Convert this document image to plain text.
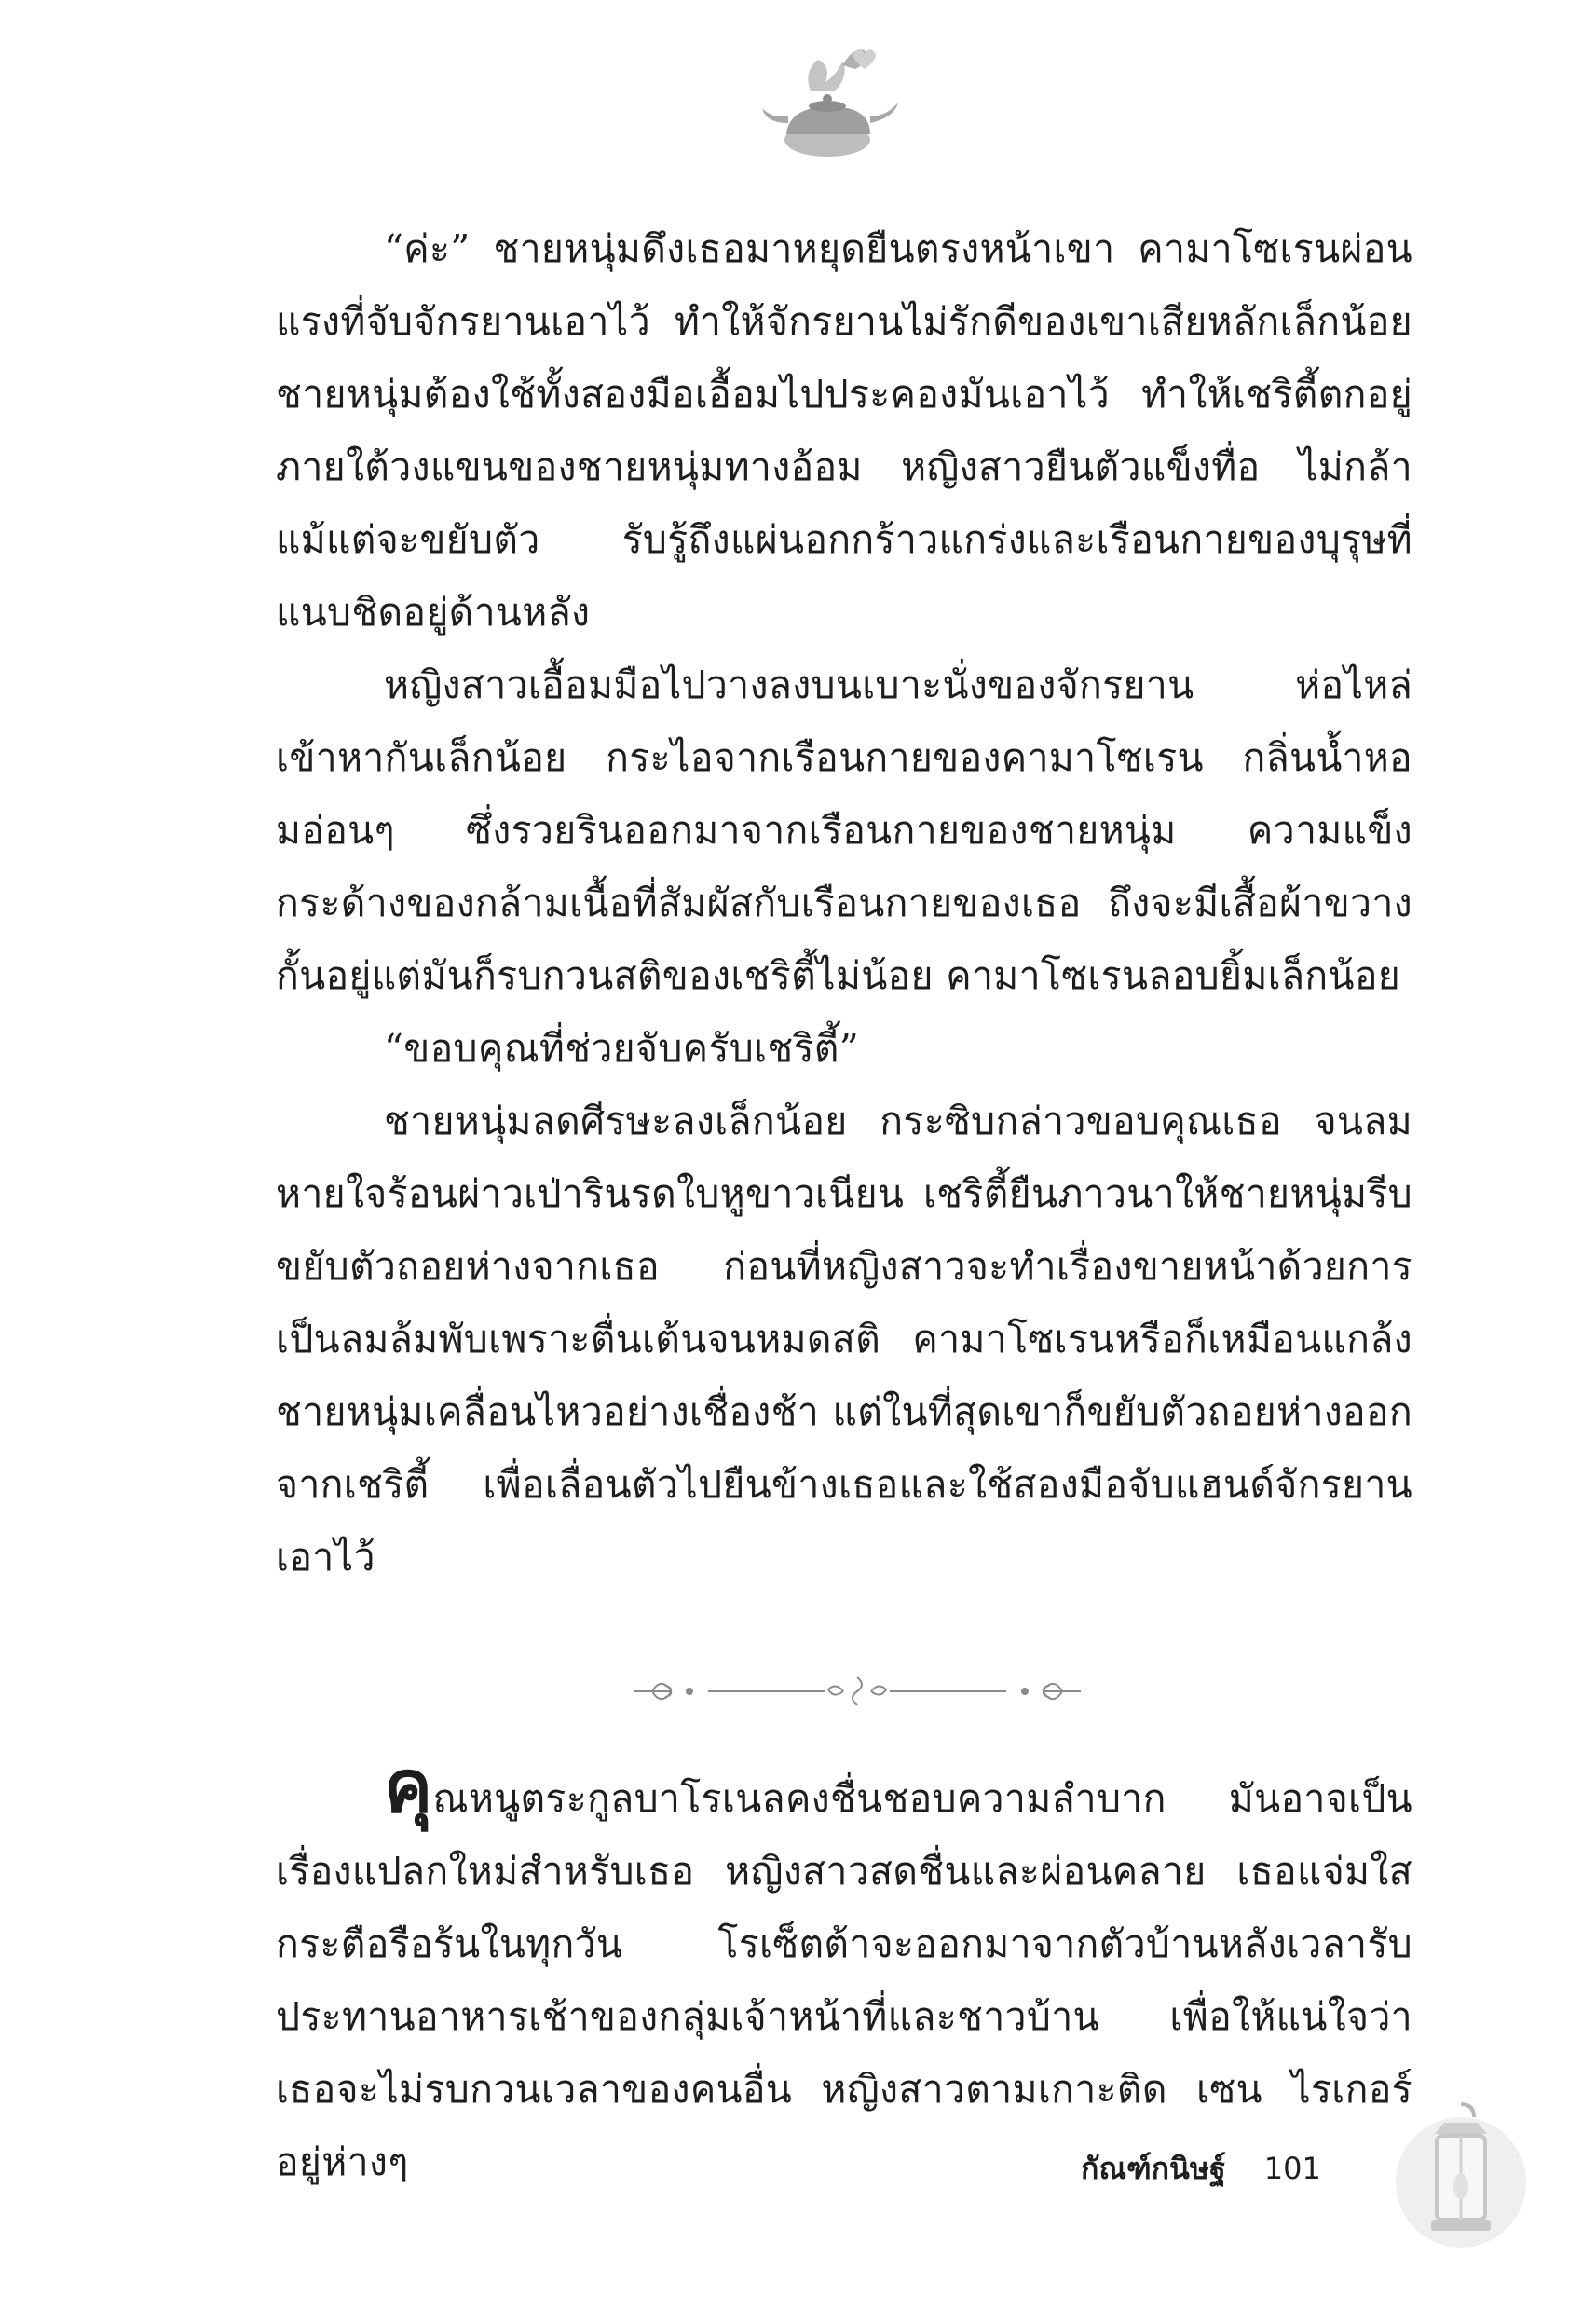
“ค่ะ” ชายหนุ่มดึงเธอมาหยุดยืนตรงหน้าเขา คามาโซเรนผ่อนแรงที่จับจักรยานเอาไว้ ทำให้จักรยานไม่รักดีของเขาเสียหลักเล็กน้อย ชายหนุ่มต้องใช้ทั้งสองมือเอื้อมไปประคองมันเอาไว้ ทำให้เชริตี้ตกอยู่ภายใต้วงแขนของชายหนุ่มทางอ้อม หญิงสาวยืนตัวแข็งทื่อ ไม่กล้าแม้แต่จะขยับตัว รับรู้ถึงแผ่นอกกร้าวแกร่งและเรือนกายของบุรุษที่แนบชิดอยู่ด้านหลัง

หญิงสาวเอื้อมมือไปวางลงบนเบาะนั่งของจักรยาน ห่อไหล่เข้าหากันเล็กน้อย กระไอจากเรือนกายของคามาโซเรน กลิ่นน้ำหอมอ่อนๆ ซึ่งรวยรินออกมาจากเรือนกายของชายหนุ่ม ความแข็งกระด้างของกล้ามเนื้อที่สัมผัสกับเรือนกายของเธอ ถึงจะมีเสื้อผ้าขวางกั้นอยู่แต่มันก็รบกวนสติของเชริตี้ไม่น้อย คามาโซเรนลอบยิ้มเล็กน้อย

“ขอบคุณที่ช่วยจับครับเชริตี้”

ชายหนุ่มลดศีรษะลงเล็กน้อย กระซิบกล่าวขอบคุณเธอ จนลมหายใจร้อนผ่าวเป่ารินรดใบหูขาวเนียน เชริตี้ยืนภาวนาให้ชายหนุ่มรีบขยับตัวถอยห่างจากเธอ ก่อนที่หญิงสาวจะทำเรื่องขายหน้าด้วยการเป็นลมล้มพับเพราะตื่นเต้นจนหมดสติ คามาโซเรนหรือก็เหมือนแกล้งชายหนุ่มเคลื่อนไหวอย่างเชื่องช้า แต่ในที่สุดเขาก็ขยับตัวถอยห่างออกจากเชริตี้ เพื่อเลื่อนตัวไปยืนข้างเธอและใช้สองมือจับแฮนด์จักรยานเอาไว้

คุณหนูตระกูลบาโรเนลคงชื่นชอบความลำบาก มันอาจเป็นเรื่องแปลกใหม่สำหรับเธอ หญิงสาวสดชื่นและผ่อนคลาย เธอแจ่มใสกระตือรือร้นในทุกวัน โรเซ็ตต้าจะออกมาจากตัวบ้านหลังเวลารับประทานอาหารเช้าของกลุ่มเจ้าหน้าที่และชาวบ้าน เพื่อให้แน่ใจว่าเธอจะไม่รบกวนเวลาของคนอื่น หญิงสาวตามเกาะติด เซน ไรเกอร์ อยู่ห่างๆ	กัณฑ์กนิษฐ์ 101
